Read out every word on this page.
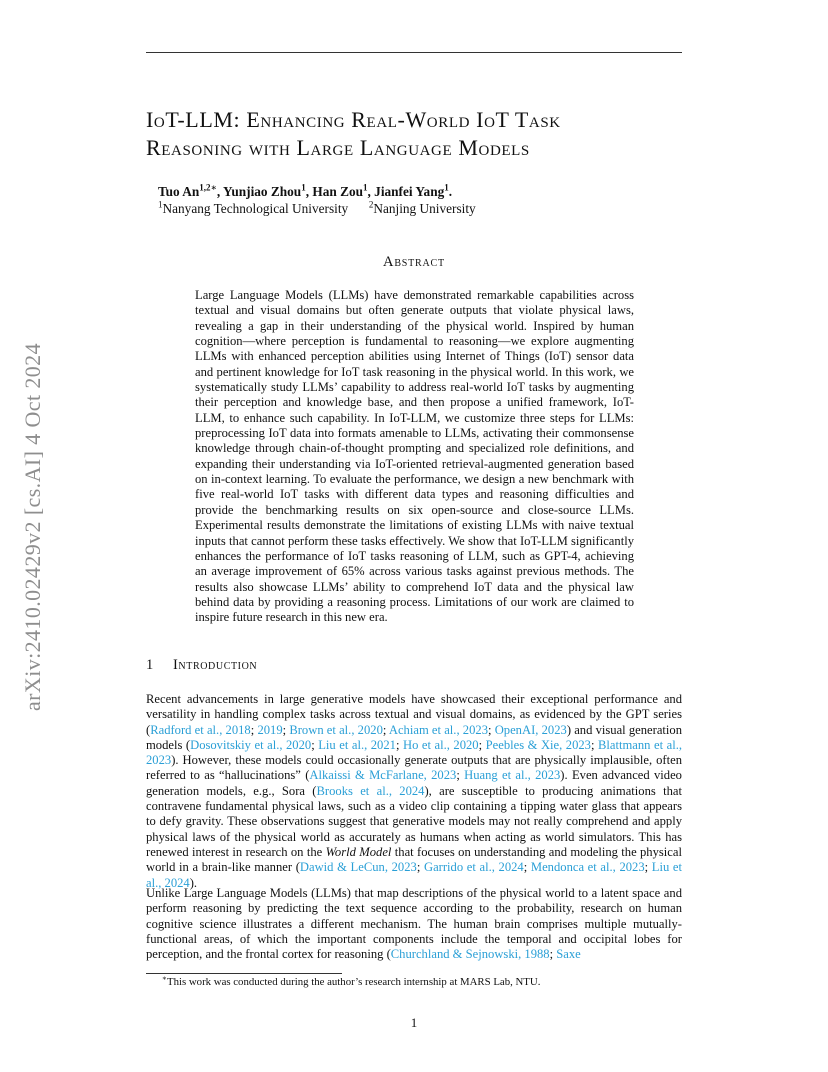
arXiv:2410.02429v2 [cs.AI] 4 Oct 2024
IoT-LLM: Enhancing Real-World IoT Task
Reasoning with Large Language Models
Tuo $An^{1,2∗}$, Yunjiao Zhou$^1$, Han Zou$^1$, Jianfei Yang$^1$.
$^1$Nanyang Technological University $^2$Nanjing University
Abstract
Large Language Models (LLMs) have demonstrated remarkable capabilities across textual and visual domains but often generate outputs that violate physical laws, revealing a gap in their understanding of the physical world. Inspired by human cognition—where perception is fundamental to reasoning—we explore augmenting LLMs with enhanced perception abilities using Internet of Things (IoT) sensor data and pertinent knowledge for IoT task reasoning in the physical world. In this work, we systematically study LLMs’ capability to address real-world IoT tasks by augmenting their perception and knowledge base, and then propose a unified framework, IoT-LLM, to enhance such capability. In IoT-LLM, we customize three steps for LLMs: preprocessing IoT data into formats amenable to LLMs, activating their commonsense knowledge through chain-of-thought prompting and specialized role definitions, and expanding their understanding via IoT-oriented retrieval-augmented generation based on in-context learning. To evaluate the performance, we design a new benchmark with five real-world IoT tasks with different data types and reasoning difficulties and provide the benchmarking results on six open-source and close-source LLMs. Experimental results demonstrate the limitations of existing LLMs with naive textual inputs that cannot perform these tasks effectively. We show that IoT-LLM significantly enhances the performance of IoT tasks reasoning of LLM, such as GPT-4, achieving an average improvement of 65% across various tasks against previous methods. The results also showcase LLMs’ ability to comprehend IoT data and the physical law behind data by providing a reasoning process. Limitations of our work are claimed to inspire future research in this new era.
1 Introduction
Recent advancements in large generative models have showcased their exceptional performance and versatility in handling complex tasks across textual and visual domains, as evidenced by the GPT series (Radford et al., 2018; 2019; Brown et al., 2020; Achiam et al., 2023; OpenAI, 2023) and visual generation models (Dosovitskiy et al., 2020; Liu et al., 2021; Ho et al., 2020; Peebles & Xie, 2023; Blattmann et al., 2023). However, these models could occasionally generate outputs that are physically implausible, often referred to as “hallucinations” (Alkaissi & McFarlane, 2023; Huang et al., 2023). Even advanced video generation models, e.g., Sora (Brooks et al., 2024), are susceptible to producing animations that contravene fundamental physical laws, such as a video clip containing a tipping water glass that appears to defy gravity. These observations suggest that generative models may not really comprehend and apply physical laws of the physical world as accurately as humans when acting as world simulators. This has renewed interest in research on the World Model that focuses on understanding and modeling the physical world in a brain-like manner (Dawid & LeCun, 2023; Garrido et al., 2024; Mendonca et al., 2023; Liu et al., 2024).
Unlike Large Language Models (LLMs) that map descriptions of the physical world to a latent space and perform reasoning by predicting the text sequence according to the probability, research on human cognitive science illustrates a different mechanism. The human brain comprises multiple mutually-functional areas, of which the important components include the temporal and occipital lobes for perception, and the frontal cortex for reasoning (Churchland & Sejnowski, 1988; Saxe
∗This work was conducted during the author’s research internship at MARS Lab, NTU.
1
